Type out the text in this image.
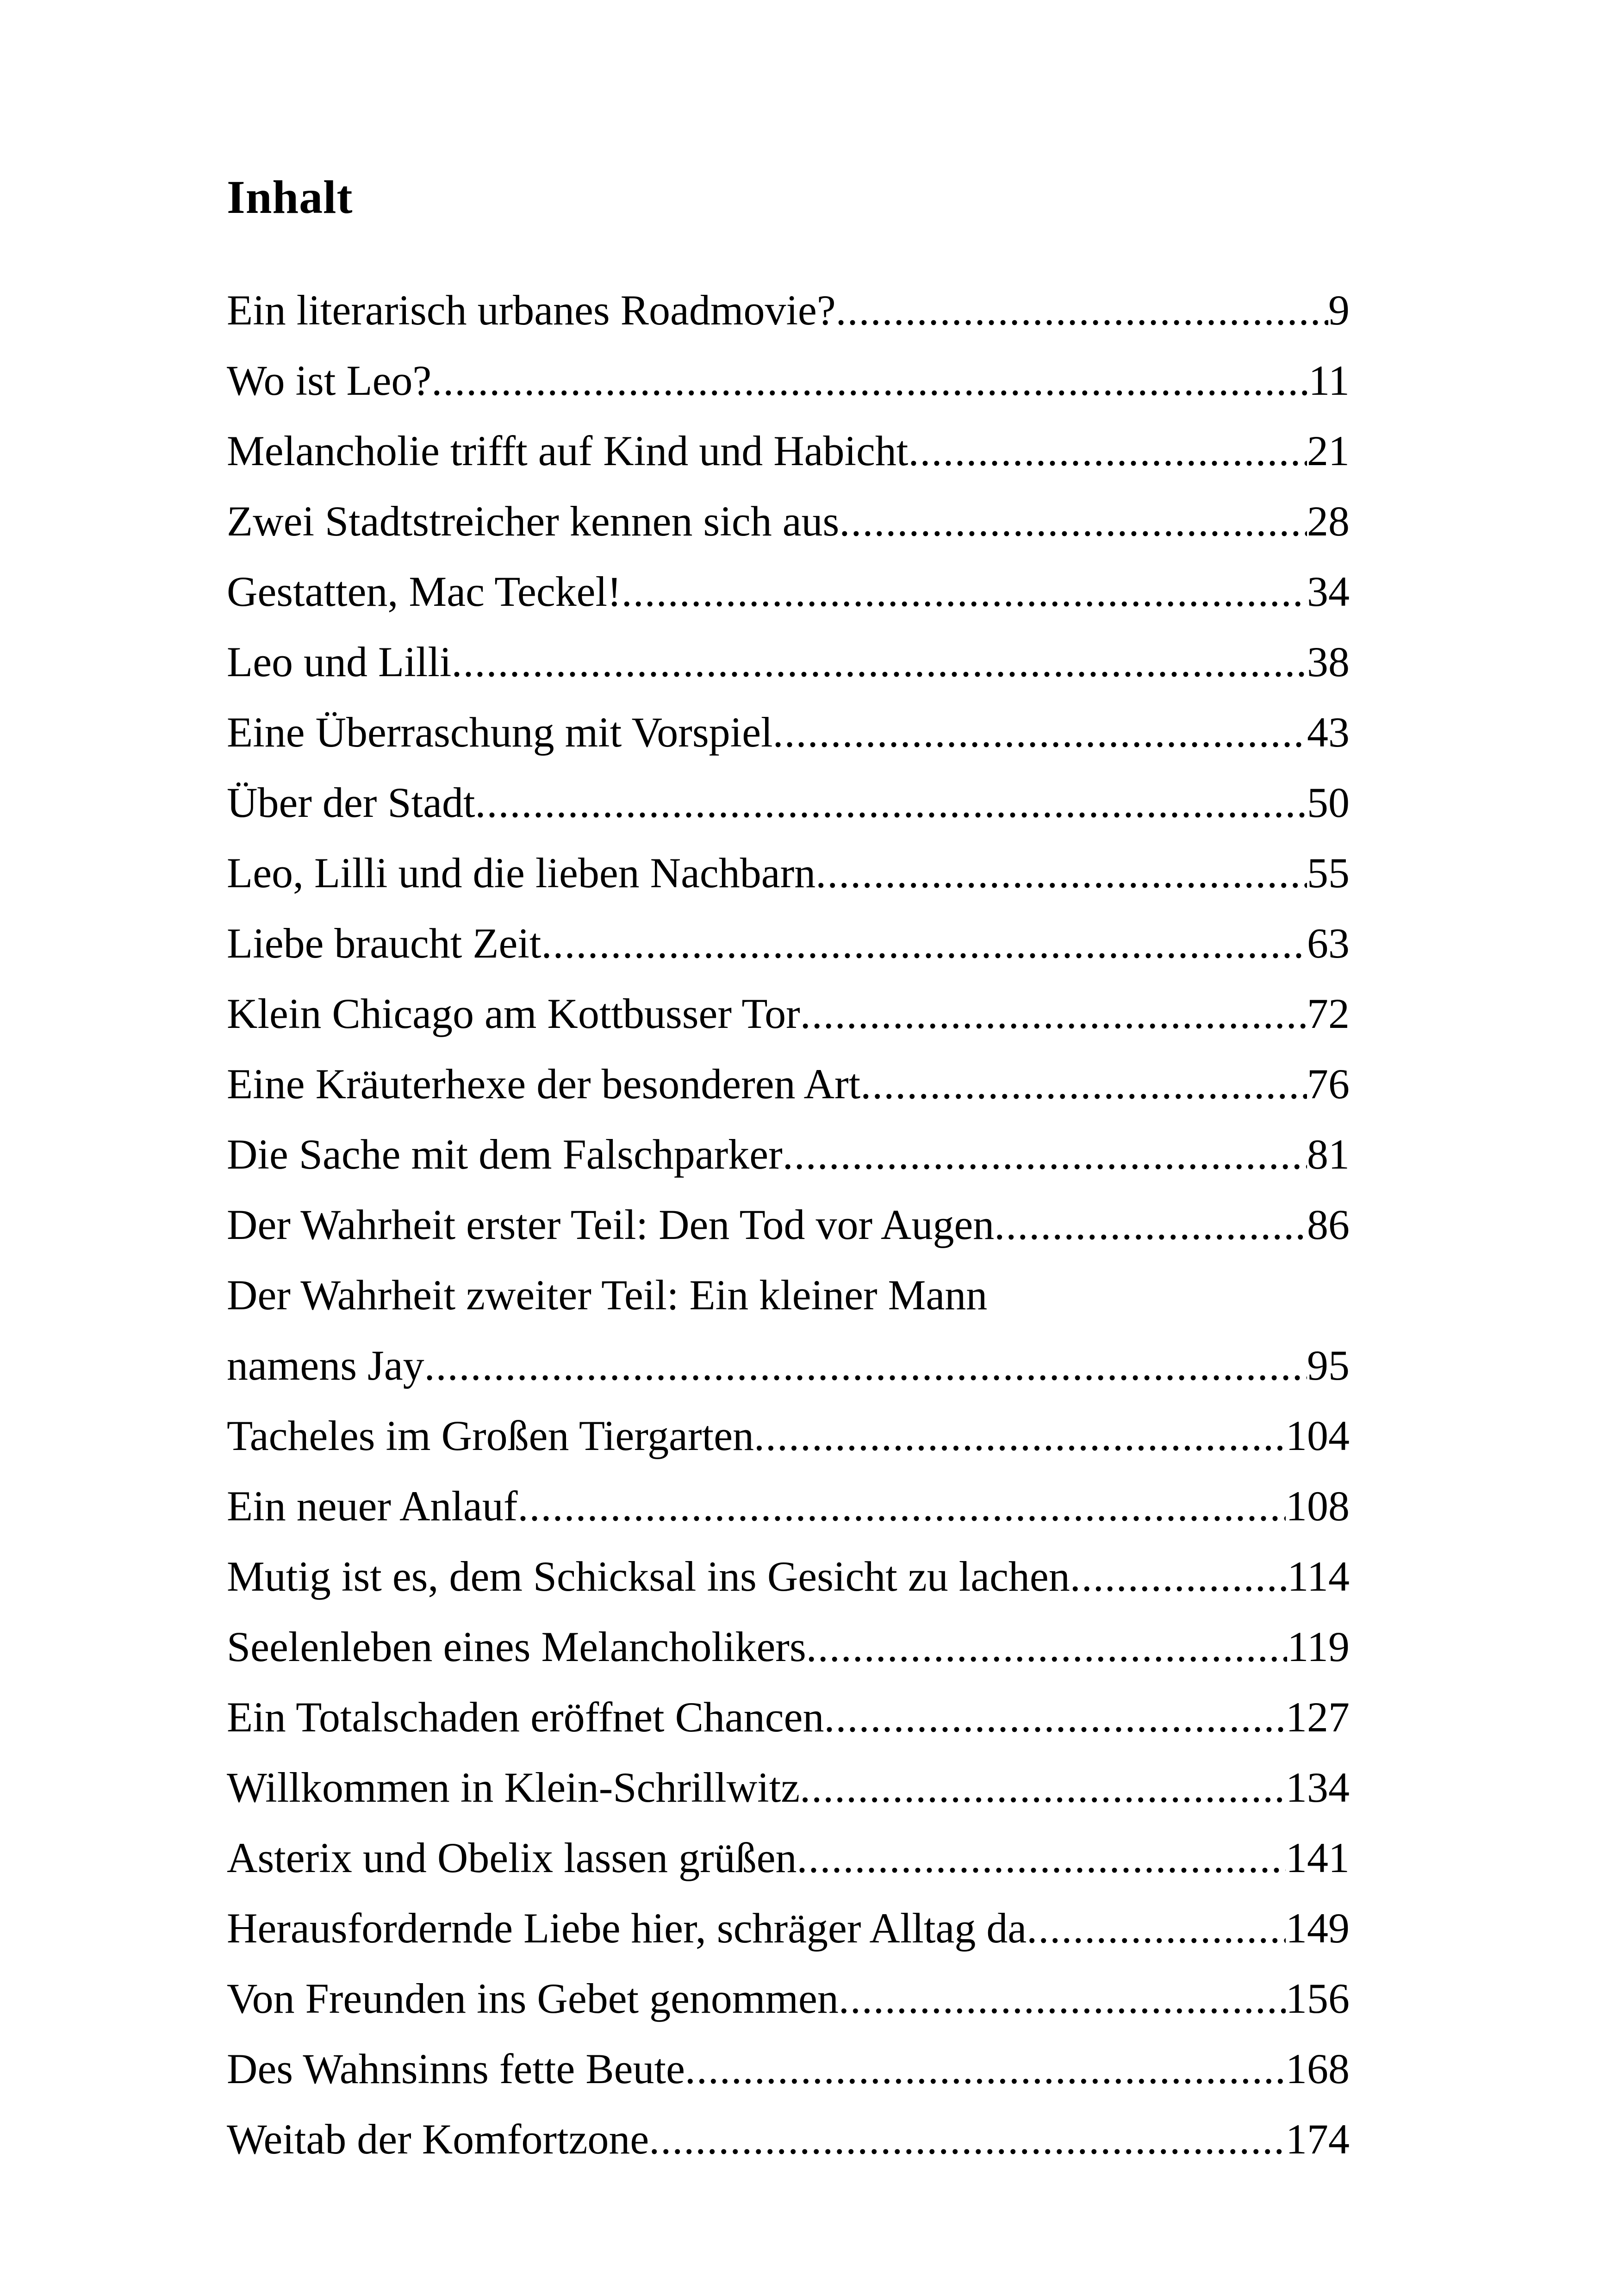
Inhalt
Ein literarisch urbanes Roadmovie? .....	9
Wo ist Leo? .....	11
Melancholie trifft auf Kind und Habicht .....	21
Zwei Stadtstreicher kennen sich aus .....	28
Gestatten, Mac Teckel! .....	34
Leo und Lilli .....	38
Eine Überraschung mit Vorspiel .....	43
Über der Stadt .....	50
Leo, Lilli und die lieben Nachbarn .....	55
Liebe braucht Zeit .....	63
Klein Chicago am Kottbusser Tor .....	72
Eine Kräuterhexe der besonderen Art .....	76
Die Sache mit dem Falschparker .....	81
Der Wahrheit erster Teil: Den Tod vor Augen .....	86
Der Wahrheit zweiter Teil: Ein kleiner Mann
namens Jay .....	95
Tacheles im Großen Tiergarten .....	104
Ein neuer Anlauf .....	108
Mutig ist es, dem Schicksal ins Gesicht zu lachen .....	114
Seelenleben eines Melancholikers .....	119
Ein Totalschaden eröffnet Chancen .....	127
Willkommen in Klein-Schrillwitz .....	134
Asterix und Obelix lassen grüßen .....	141
Herausfordernde Liebe hier, schräger Alltag da .....	149
Von Freunden ins Gebet genommen .....	156
Des Wahnsinns fette Beute .....	168
Weitab der Komfortzone .....	174
